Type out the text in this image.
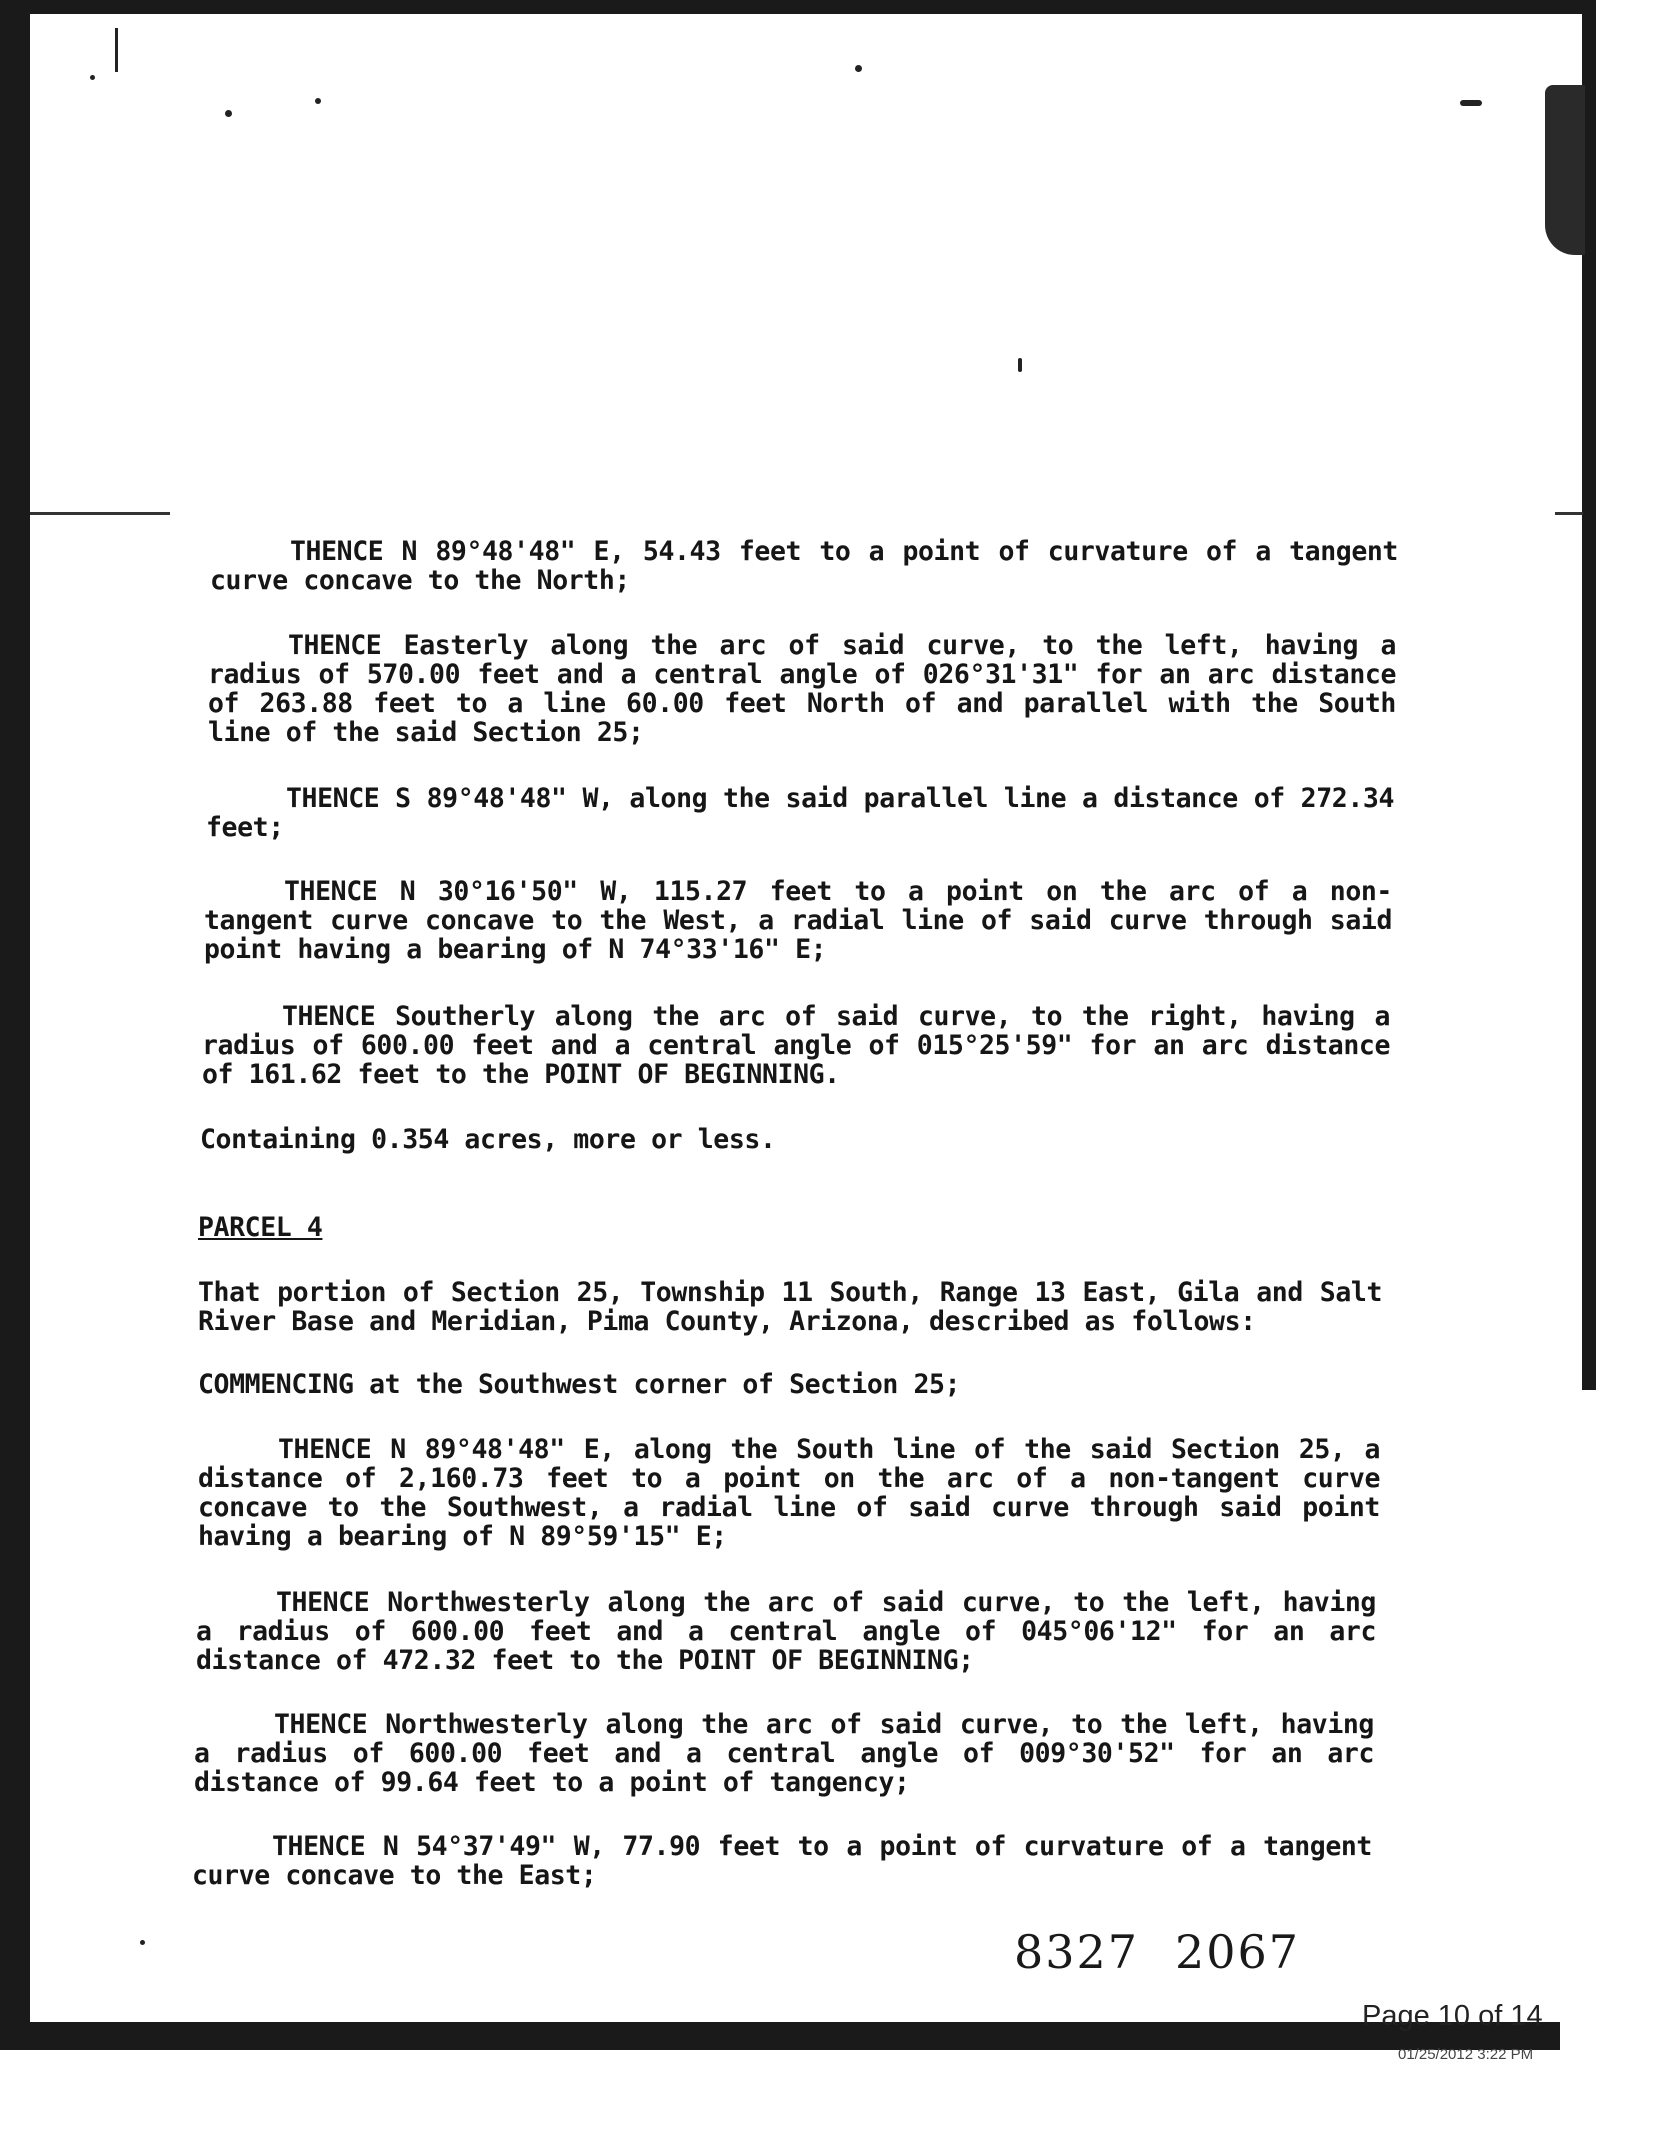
THENCE N 89°48'48" E, 54.43 feet to a point of curvature of a tangent curve concave to the North;
THENCE Easterly along the arc of said curve, to the left, having a radius of 570.00 feet and a central angle of 026°31'31" for an arc distance of 263.88 feet to a line 60.00 feet North of and parallel with the South line of the said Section 25;
THENCE S 89°48'48" W, along the said parallel line a distance of 272.34 feet;
THENCE N 30°16'50" W, 115.27 feet to a point on the arc of a non-tangent curve concave to the West, a radial line of said curve through said point having a bearing of N 74°33'16" E;
THENCE Southerly along the arc of said curve, to the right, having a radius of 600.00 feet and a central angle of 015°25'59" for an arc distance of 161.62 feet to the POINT OF BEGINNING.
Containing 0.354 acres, more or less.
PARCEL 4
That portion of Section 25, Township 11 South, Range 13 East, Gila and Salt River Base and Meridian, Pima County, Arizona, described as follows:
COMMENCING at the Southwest corner of Section 25;
THENCE N 89°48'48" E, along the South line of the said Section 25, a distance of 2,160.73 feet to a point on the arc of a non-tangent curve concave to the Southwest, a radial line of said curve through said point having a bearing of N 89°59'15" E;
THENCE Northwesterly along the arc of said curve, to the left, having a radius of 600.00 feet and a central angle of 045°06'12" for an arc distance of 472.32 feet to the POINT OF BEGINNING;
THENCE Northwesterly along the arc of said curve, to the left, having a radius of 600.00 feet and a central angle of 009°30'52" for an arc distance of 99.64 feet to a point of tangency;
THENCE N 54°37'49" W, 77.90 feet to a point of curvature of a tangent curve concave to the East;
8327 2067
Page 10 of 14
01/25/2012 3:22 PM
